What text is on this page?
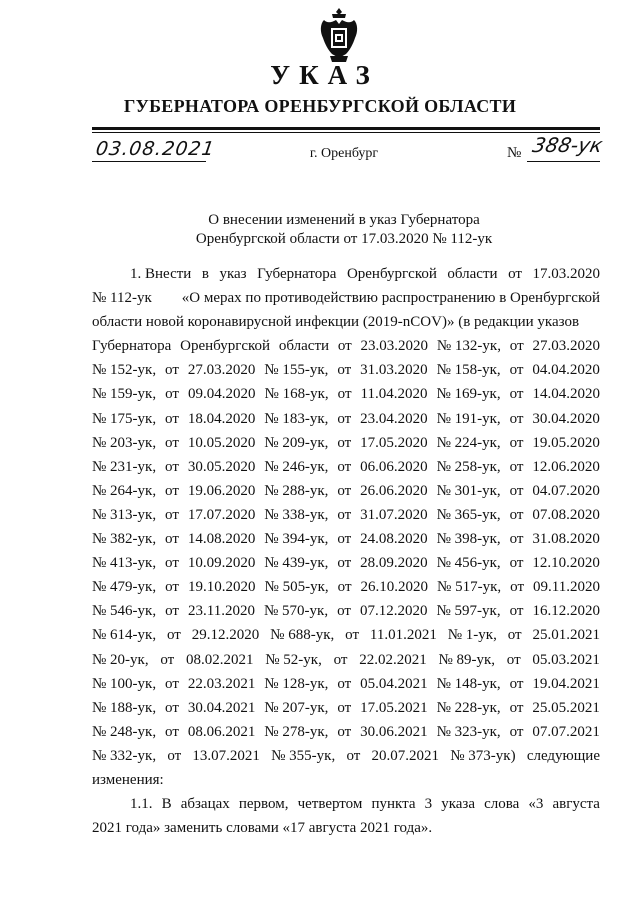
УКАЗ
ГУБЕРНАТОРА ОРЕНБУРГСКОЙ ОБЛАСТИ
03.08.2021	г. Оренбург	№ 388-ук
О внесении изменений в указ Губернатора
Оренбургской области от 17.03.2020 № 112-ук
1. Внести в указ Губернатора Оренбургской области от 17.03.2020
№ 112-ук «О мерах по противодействию распространению в Оренбургской
области новой коронавирусной инфекции (2019-nCOV)» (в редакции указов
Губернатора Оренбургской области от 23.03.2020 № 132-ук, от 27.03.2020
№ 152-ук, от 27.03.2020 № 155-ук, от 31.03.2020 № 158-ук, от 04.04.2020
№ 159-ук, от 09.04.2020 № 168-ук, от 11.04.2020 № 169-ук, от 14.04.2020
№ 175-ук, от 18.04.2020 № 183-ук, от 23.04.2020 № 191-ук, от 30.04.2020
№ 203-ук, от 10.05.2020 № 209-ук, от 17.05.2020 № 224-ук, от 19.05.2020
№ 231-ук, от 30.05.2020 № 246-ук, от 06.06.2020 № 258-ук, от 12.06.2020
№ 264-ук, от 19.06.2020 № 288-ук, от 26.06.2020 № 301-ук, от 04.07.2020
№ 313-ук, от 17.07.2020 № 338-ук, от 31.07.2020 № 365-ук, от 07.08.2020
№ 382-ук, от 14.08.2020 № 394-ук, от 24.08.2020 № 398-ук, от 31.08.2020
№ 413-ук, от 10.09.2020 № 439-ук, от 28.09.2020 № 456-ук, от 12.10.2020
№ 479-ук, от 19.10.2020 № 505-ук, от 26.10.2020 № 517-ук, от 09.11.2020
№ 546-ук, от 23.11.2020 № 570-ук, от 07.12.2020 № 597-ук, от 16.12.2020
№ 614-ук, от 29.12.2020 № 688-ук, от 11.01.2021 № 1-ук, от 25.01.2021
№ 20-ук, от 08.02.2021 № 52-ук, от 22.02.2021 № 89-ук, от 05.03.2021
№ 100-ук, от 22.03.2021 № 128-ук, от 05.04.2021 № 148-ук, от 19.04.2021
№ 188-ук, от 30.04.2021 № 207-ук, от 17.05.2021 № 228-ук, от 25.05.2021
№ 248-ук, от 08.06.2021 № 278-ук, от 30.06.2021 № 323-ук, от 07.07.2021
№ 332-ук, от 13.07.2021 № 355-ук, от 20.07.2021 № 373-ук) следующие
изменения:
1.1. В абзацах первом, четвертом пункта 3 указа слова «3 августа
2021 года» заменить словами «17 августа 2021 года».
